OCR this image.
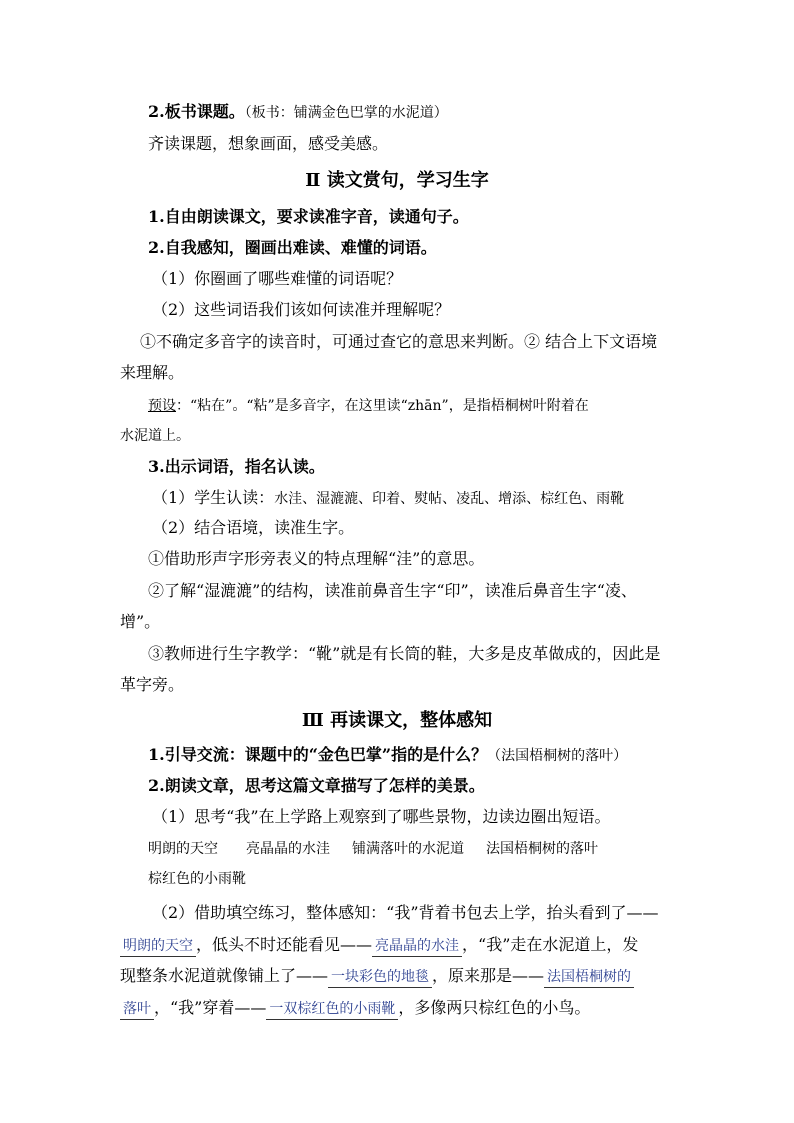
2.板书课题。（板书：铺满金色巴掌的水泥道）
齐读课题，想象画面，感受美感。
Ⅱ 读文赏句，学习生字
1.自由朗读课文，要求读准字音，读通句子。
2.自我感知，圈画出难读、难懂的词语。
（1）你圈画了哪些难懂的词语呢？
（2）这些词语我们该如何读准并理解呢？
①不确定多音字的读音时，可通过查它的意思来判断。② 结合上下文语境
来理解。
预设：“粘在”。“粘”是多音字，在这里读“zhān”，是指梧桐树叶附着在
水泥道上。
3.出示词语，指名认读。
（1）学生认读：水洼、湿漉漉、印着、熨帖、凌乱、增添、棕红色、雨靴
（2）结合语境，读准生字。
①借助形声字形旁表义的特点理解“洼”的意思。
②了解“湿漉漉”的结构，读准前鼻音生字“印”，读准后鼻音生字“凌、
增”。
③教师进行生字教学：“靴”就是有长筒的鞋，大多是皮革做成的，因此是
革字旁。
Ⅲ 再读课文，整体感知
1.引导交流：课题中的“金色巴掌”指的是什么？（法国梧桐树的落叶）
2.朗读文章，思考这篇文章描写了怎样的美景。
（1）思考“我”在上学路上观察到了哪些景物，边读边圈出短语。
明朗的天空 亮晶晶的水洼 铺满落叶的水泥道 法国梧桐树的落叶
棕红色的小雨靴
（2）借助填空练习，整体感知：“我”背着书包去上学，抬头看到了——
明朗的天空 ，低头不时还能看见—— 亮晶晶的水洼 ，“我”走在水泥道上，发
现整条水泥道就像铺上了—— 一块彩色的地毯 ，原来那是—— 法国梧桐树的
落叶 ，“我”穿着—— 一双棕红色的小雨靴 ，多像两只棕红色的小鸟。
